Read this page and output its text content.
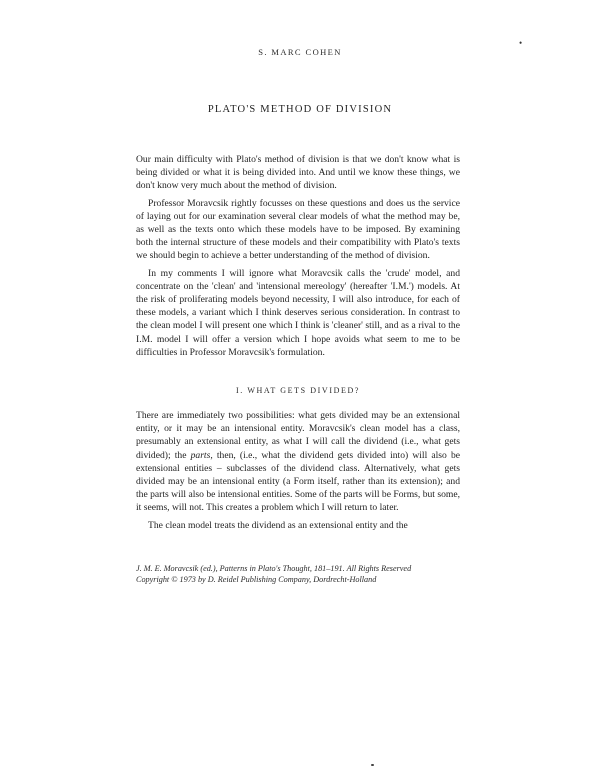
•
S. MARC COHEN
PLATO'S METHOD OF DIVISION

Our main difficulty with Plato's method of division is that we don't know what is being divided or what it is being divided into. And until we know these things, we don't know very much about the method of division.

Professor Moravcsik rightly focusses on these questions and does us the service of laying out for our examination several clear models of what the method may be, as well as the texts onto which these models have to be imposed. By examining both the internal structure of these models and their compatibility with Plato's texts we should begin to achieve a better understanding of the method of division.

In my comments I will ignore what Moravcsik calls the 'crude' model, and concentrate on the 'clean' and 'intensional mereology' (hereafter 'I.M.') models. At the risk of proliferating models beyond necessity, I will also introduce, for each of these models, a variant which I think deserves serious consideration. In contrast to the clean model I will present one which I think is 'cleaner' still, and as a rival to the I.M. model I will offer a version which I hope avoids what seem to me to be difficulties in Professor Moravcsik's formulation.

I. WHAT GETS DIVIDED?

There are immediately two possibilities: what gets divided may be an extensional entity, or it may be an intensional entity. Moravcsik's clean model has a class, presumably an extensional entity, as what I will call the dividend (i.e., what gets divided); the parts, then, (i.e., what the dividend gets divided into) will also be extensional entities – subclasses of the dividend class. Alternatively, what gets divided may be an intensional entity (a Form itself, rather than its extension); and the parts will also be intensional entities. Some of the parts will be Forms, but some, it seems, will not. This creates a problem which I will return to later.

The clean model treats the dividend as an extensional entity and the

J. M. E. Moravcsik (ed.), Patterns in Plato's Thought, 181–191. All Rights Reserved
Copyright © 1973 by D. Reidel Publishing Company, Dordrecht-Holland
